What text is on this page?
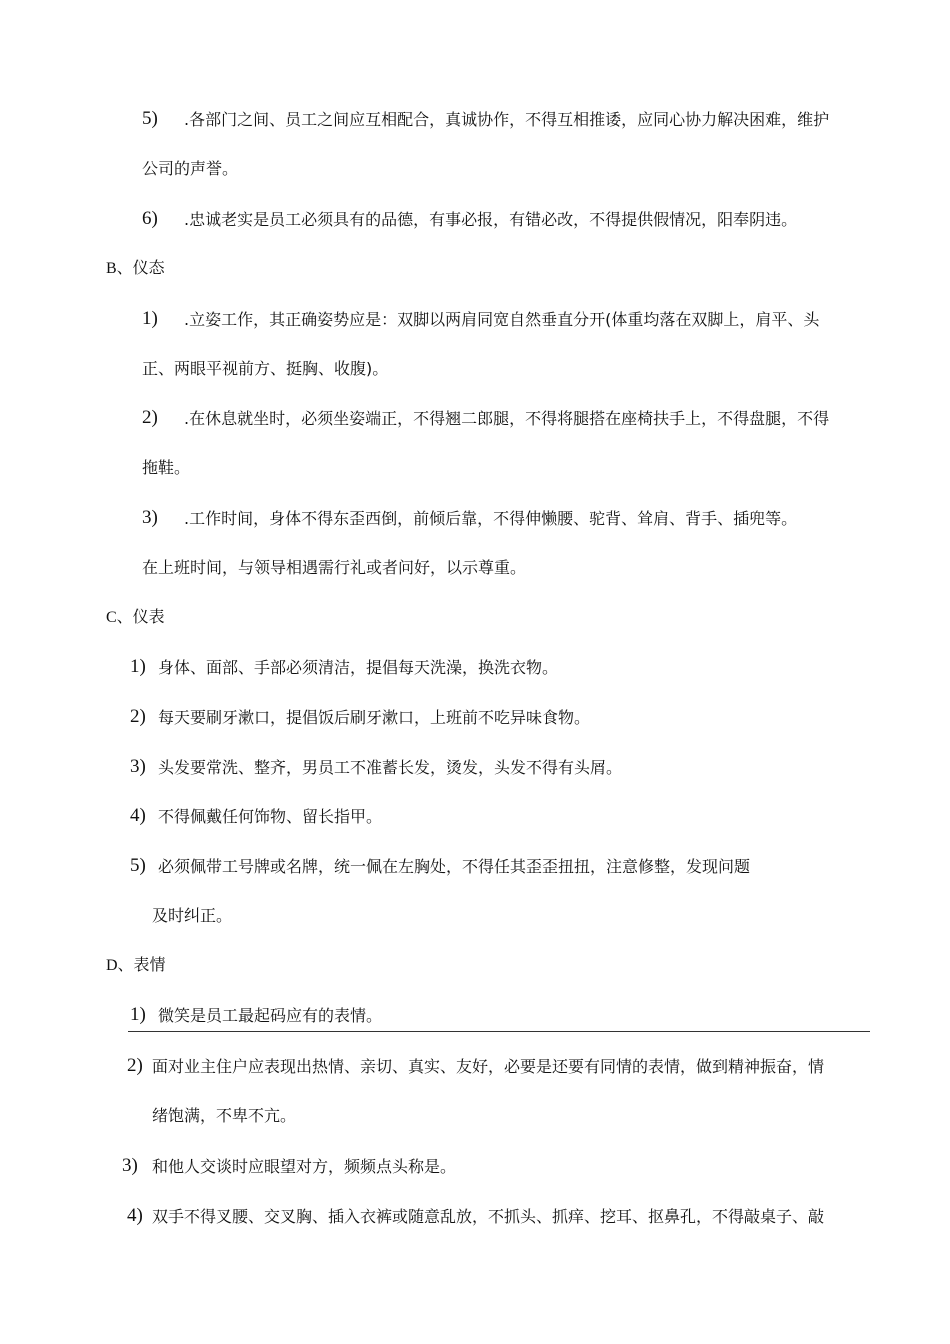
5) .各部门之间、员工之间应互相配合，真诚协作，不得互相推诿，应同心协力解决困难，维护
公司的声誉。
6) .忠诚老实是员工必须具有的品德，有事必报，有错必改，不得提供假情况，阳奉阴违。
B、仪态
1) .立姿工作，其正确姿势应是：双脚以两肩同宽自然垂直分开(体重均落在双脚上，肩平、头
正、两眼平视前方、挺胸、收腹)。
2) .在休息就坐时，必须坐姿端正，不得翘二郎腿，不得将腿搭在座椅扶手上，不得盘腿，不得
拖鞋。
3) .工作时间，身体不得东歪西倒，前倾后靠，不得伸懒腰、驼背、耸肩、背手、插兜等。
在上班时间，与领导相遇需行礼或者问好，以示尊重。
C、仪表
1) 身体、面部、手部必须清洁，提倡每天洗澡，换洗衣物。
2) 每天要刷牙漱口，提倡饭后刷牙漱口，上班前不吃异味食物。
3) 头发要常洗、整齐，男员工不准蓄长发，烫发，头发不得有头屑。
4) 不得佩戴任何饰物、留长指甲。
5) 必须佩带工号牌或名牌，统一佩在左胸处，不得任其歪歪扭扭，注意修整，发现问题
及时纠正。
D、表情
1) 微笑是员工最起码应有的表情。
2) 面对业主住户应表现出热情、亲切、真实、友好，必要是还要有同情的表情，做到精神振奋，情
绪饱满，不卑不亢。
3) 和他人交谈时应眼望对方，频频点头称是。
4) 双手不得叉腰、交叉胸、插入衣裤或随意乱放，不抓头、抓痒、挖耳、抠鼻孔，不得敲桌子、敲
